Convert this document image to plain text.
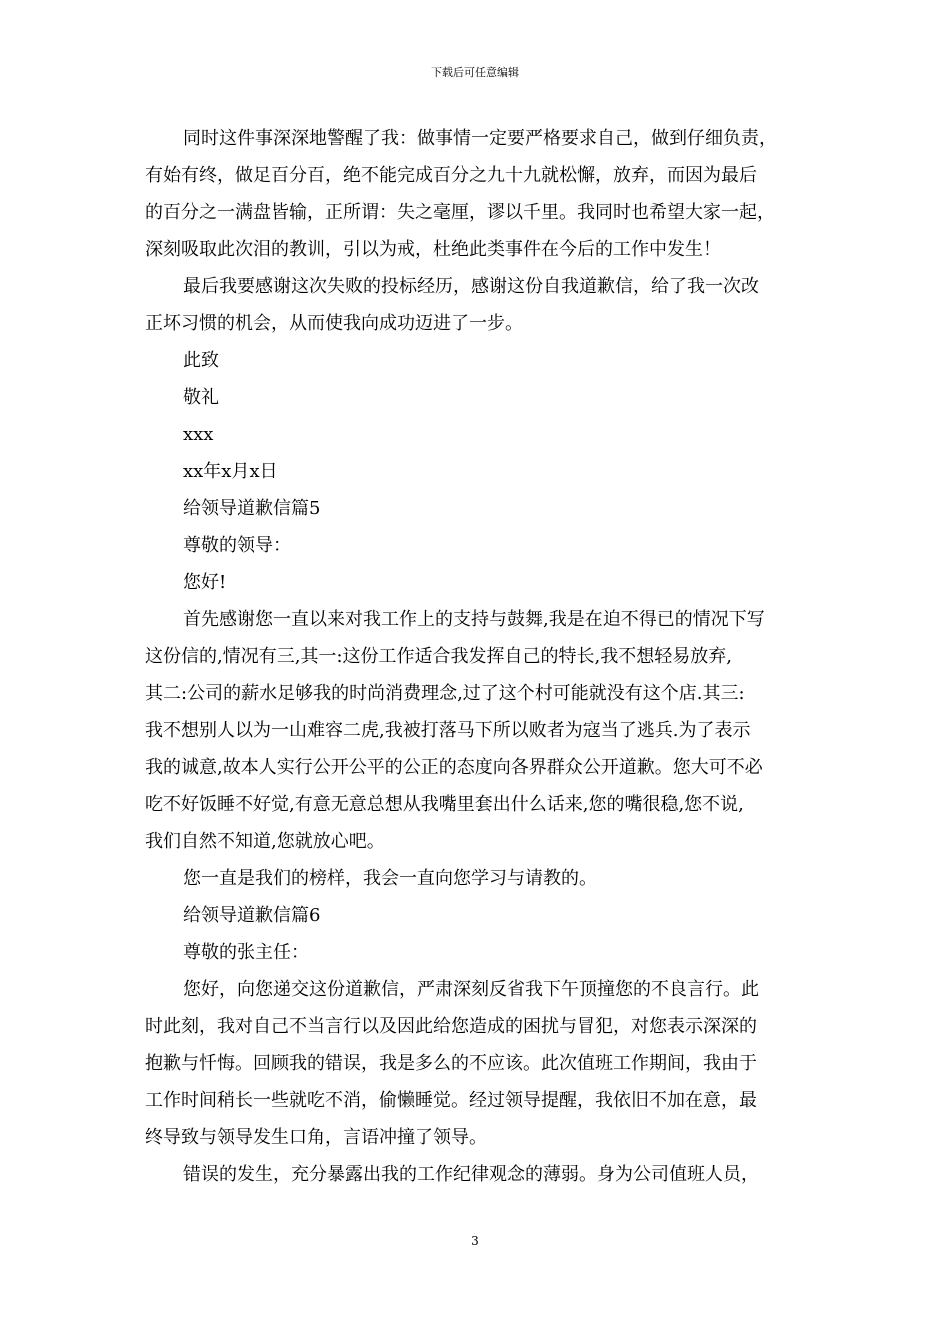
下载后可任意编辑
同时这件事深深地警醒了我：做事情一定要严格要求自己，做到仔细负责，
有始有终，做足百分百，绝不能完成百分之九十九就松懈，放弃，而因为最后
的百分之一满盘皆输，正所谓：失之毫厘，谬以千里。我同时也希望大家一起，
深刻吸取此次泪的教训，引以为戒，杜绝此类事件在今后的工作中发生！
最后我要感谢这次失败的投标经历，感谢这份自我道歉信，给了我一次改
正坏习惯的机会，从而使我向成功迈进了一步。
此致
敬礼
xxx
xx年x月x日
给领导道歉信篇5
尊敬的领导：
您好!
首先感谢您一直以来对我工作上的支持与鼓舞,我是在迫不得已的情况下写
这份信的,情况有三,其一:这份工作适合我发挥自己的特长,我不想轻易放弃,
其二:公司的薪水足够我的时尚消费理念,过了这个村可能就没有这个店.其三:
我不想别人以为一山难容二虎,我被打落马下所以败者为寇当了逃兵.为了表示
我的诚意,故本人实行公开公平的公正的态度向各界群众公开道歉。您大可不必
吃不好饭睡不好觉,有意无意总想从我嘴里套出什么话来,您的嘴很稳,您不说,
我们自然不知道,您就放心吧。
您一直是我们的榜样，我会一直向您学习与请教的。
给领导道歉信篇6
尊敬的张主任：
您好，向您递交这份道歉信，严肃深刻反省我下午顶撞您的不良言行。此
时此刻，我对自己不当言行以及因此给您造成的困扰与冒犯，对您表示深深的
抱歉与忏悔。回顾我的错误，我是多么的不应该。此次值班工作期间，我由于
工作时间稍长一些就吃不消，偷懒睡觉。经过领导提醒，我依旧不加在意，最
终导致与领导发生口角，言语冲撞了领导。
错误的发生，充分暴露出我的工作纪律观念的薄弱。身为公司值班人员，
3
